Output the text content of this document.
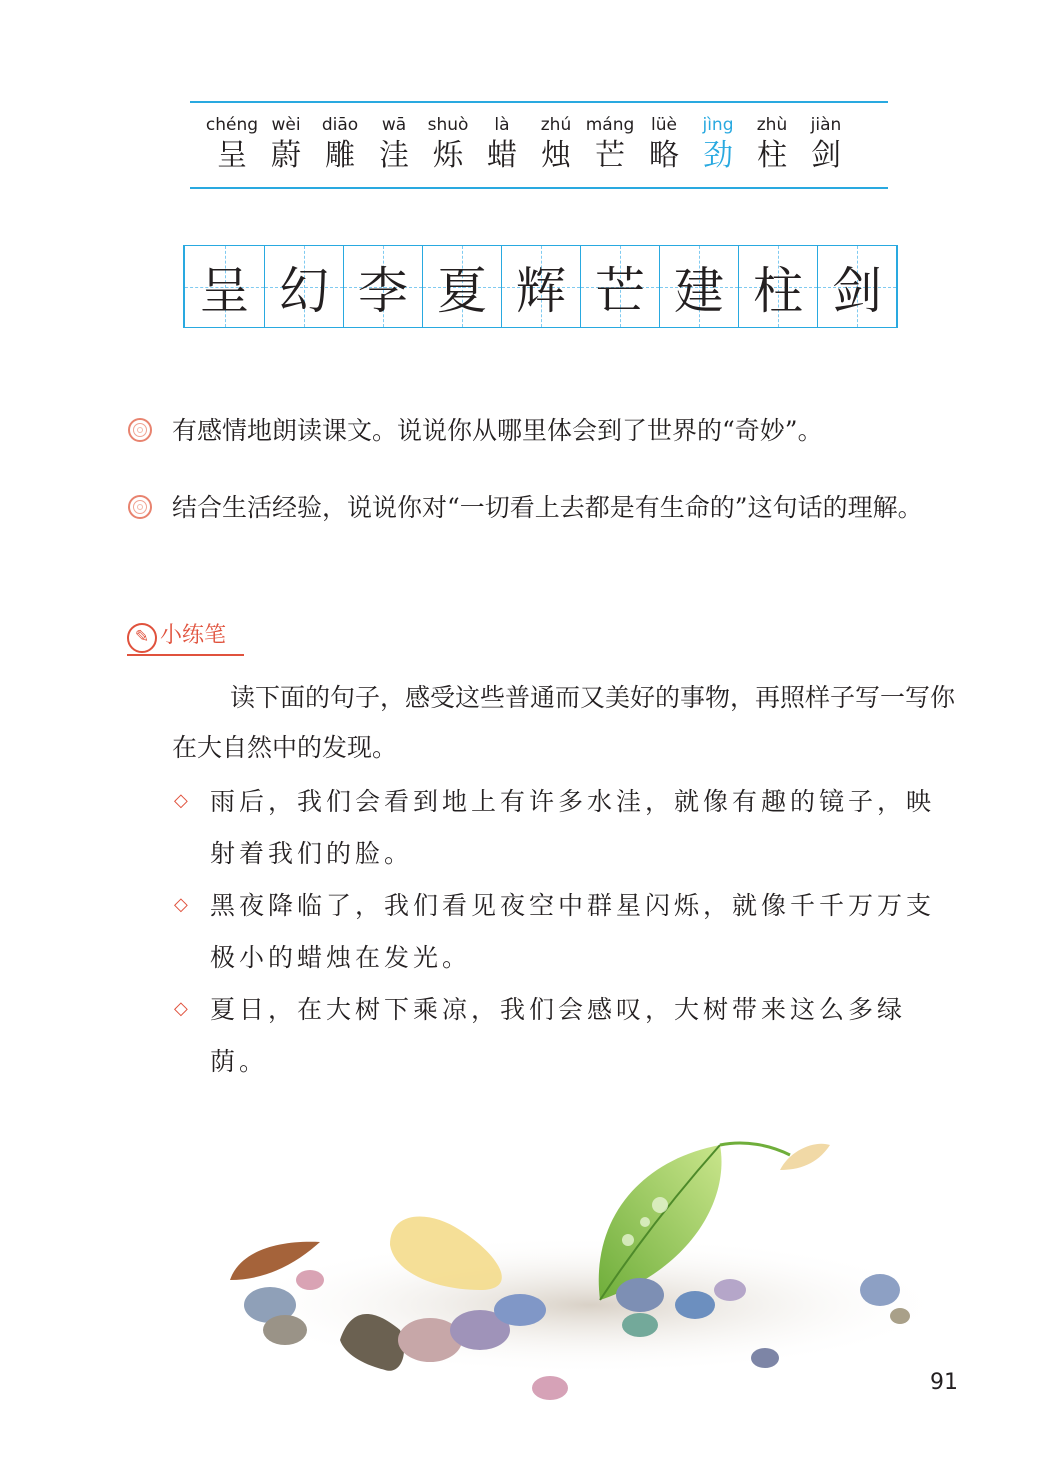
chéng
呈
wèi
蔚
diāo
雕
wā
洼
shuò
烁
là
蜡
zhú
烛
máng
芒
lüè
略
jìng
劲
zhù
柱
jiàn
剑
呈 幻 李 夏 辉 芒 建 柱 剑
有感情地朗读课文。说说你从哪里体会到了世界的“奇妙”。
结合生活经验，说说你对“一切看上去都是有生命的”这句话的理解。
✎ 小练笔
读下面的句子，感受这些普通而又美好的事物，再照样子写一写你在大自然中的发现。
◇ 雨后，我们会看到地上有许多水洼，就像有趣的镜子，映射着我们的脸。
◇ 黑夜降临了，我们看见夜空中群星闪烁，就像千千万万支极小的蜡烛在发光。
◇ 夏日，在大树下乘凉，我们会感叹，大树带来这么多绿荫。
91
